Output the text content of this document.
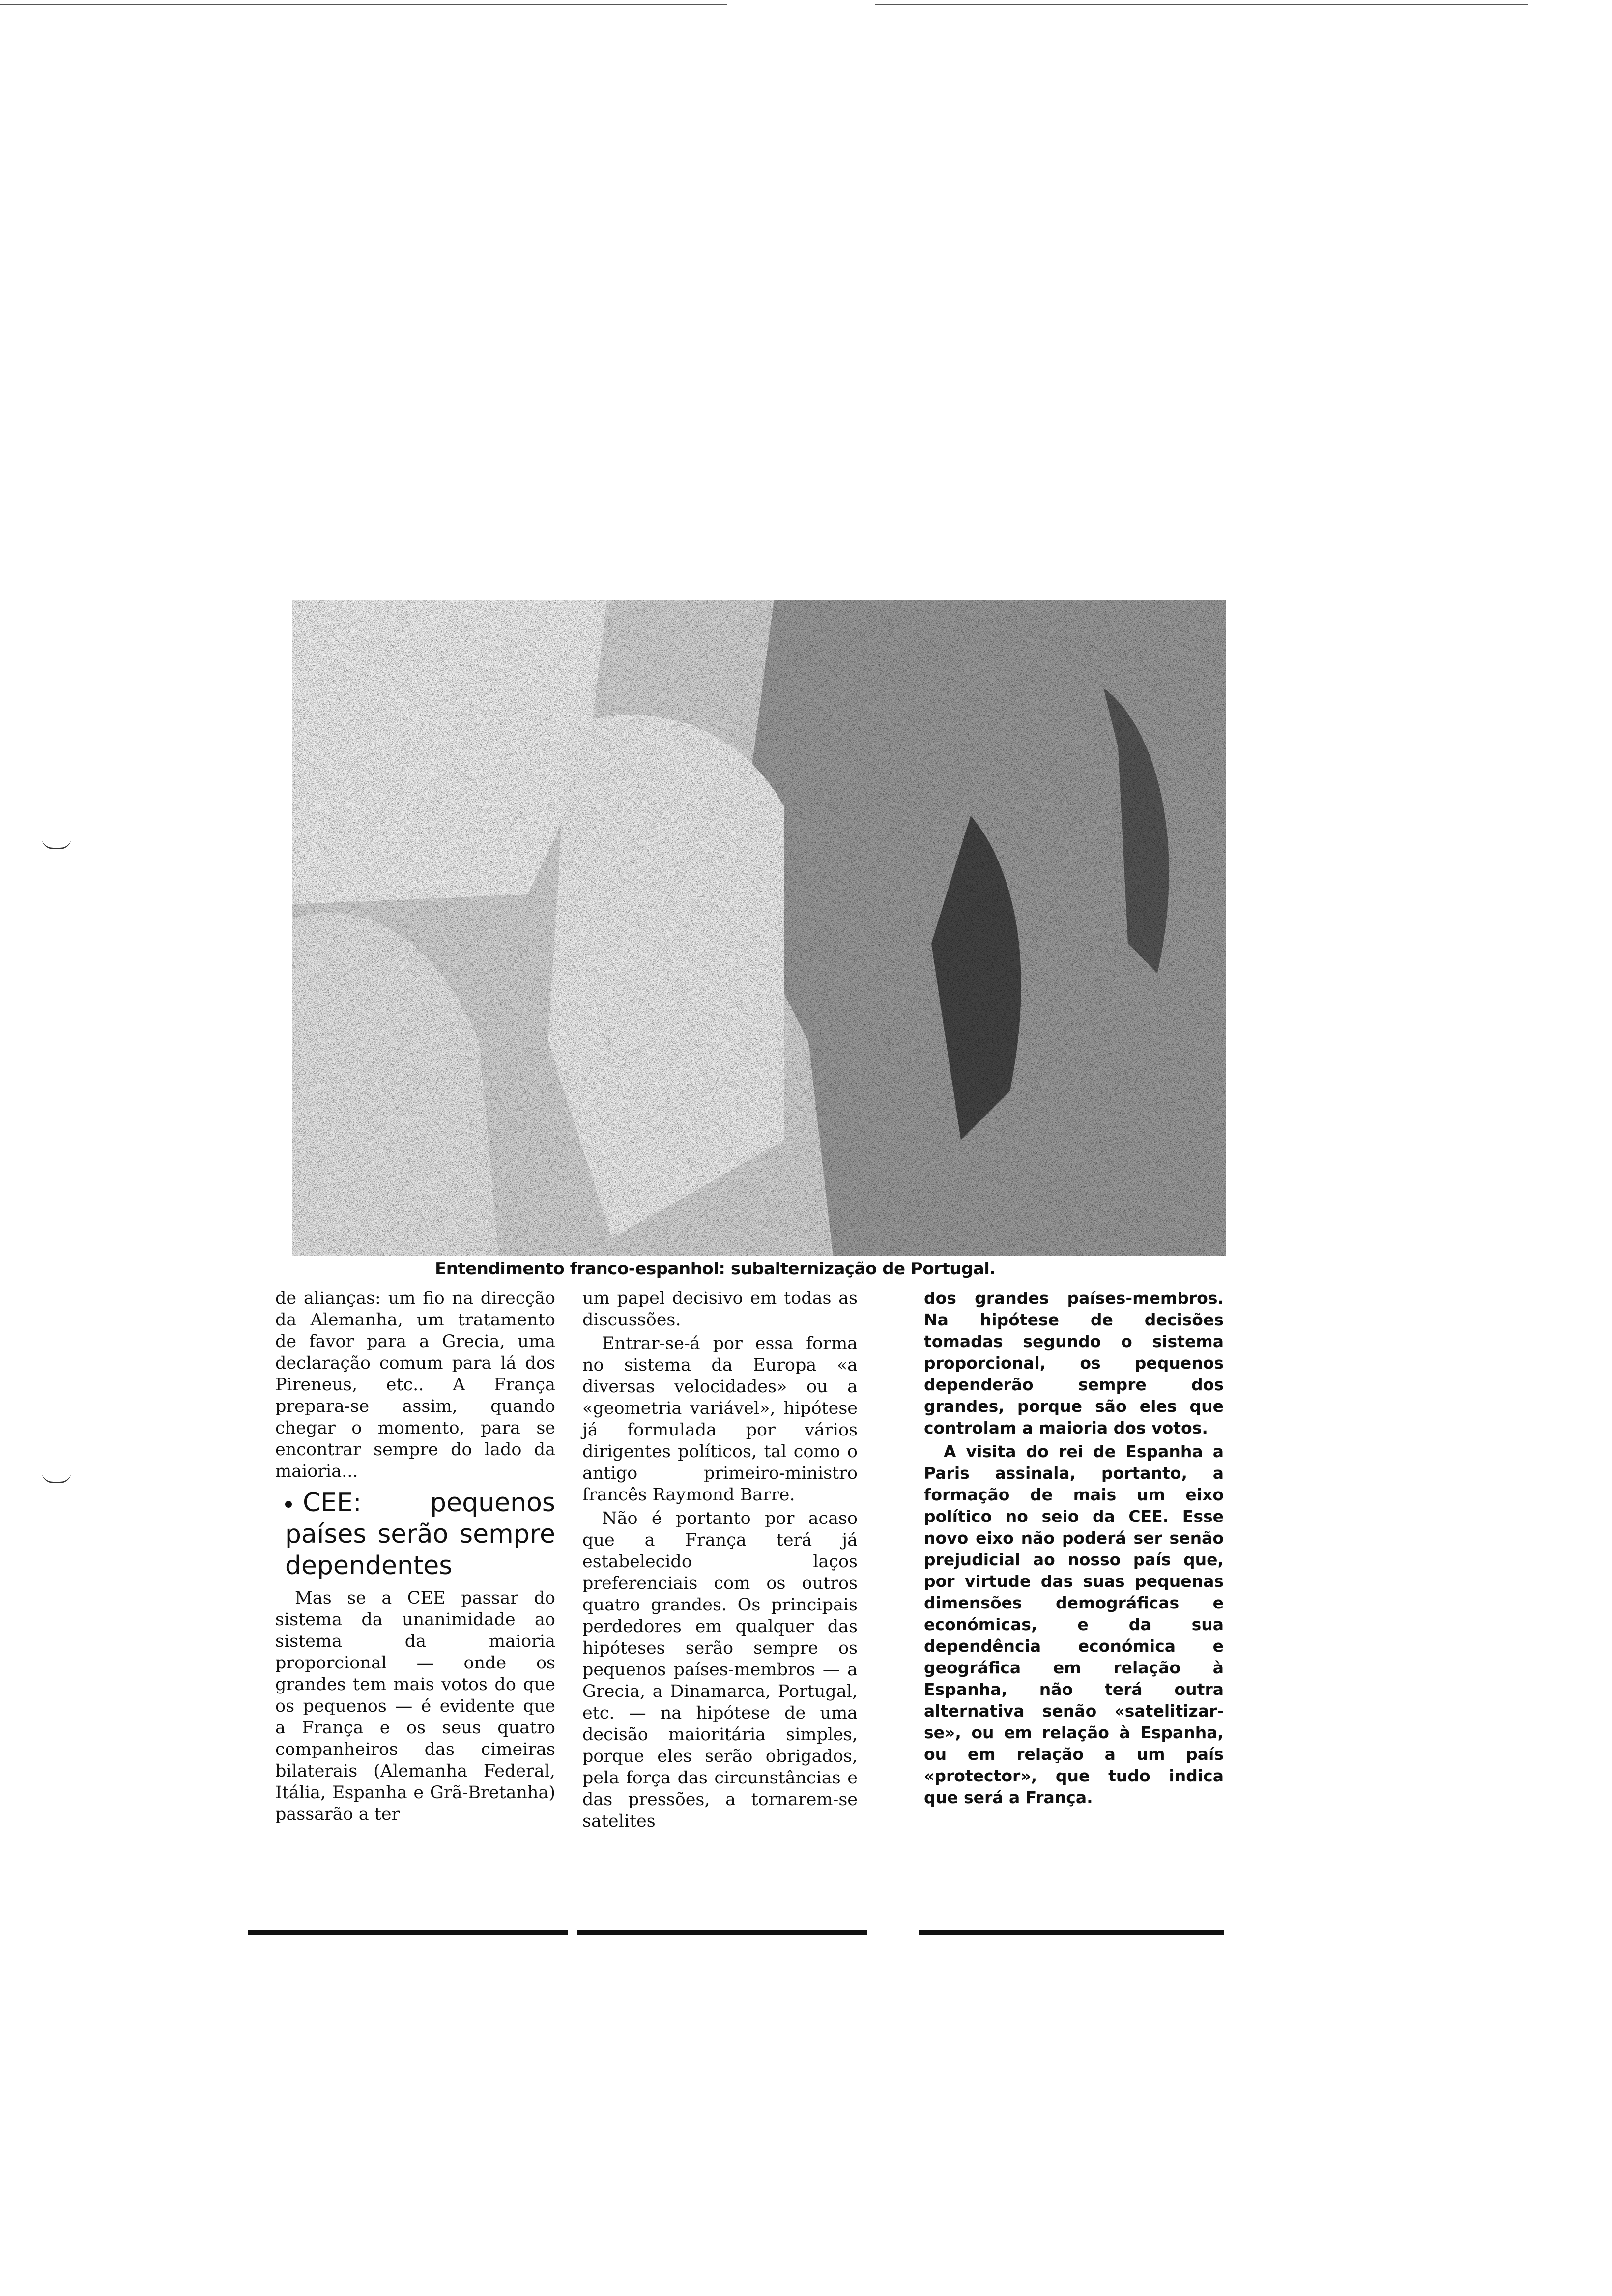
Entendimento franco-espanhol: subalternização de Portugal.

de alianças: um fio na direcção da Alemanha, um tratamento de favor para a Grecia, uma declaração comum para lá dos Pireneus, etc.. A França prepara-se assim, quando chegar o momento, para se encontrar sempre do lado da maioria...

CEE: pequenos países serão sempre dependentes

Mas se a CEE passar do sistema da unanimidade ao sistema da maioria proporcional — onde os grandes tem mais votos do que os pequenos — é evidente que a França e os seus quatro companheiros das cimeiras bilaterais (Alemanha Federal, Itália, Espanha e Grã-Bretanha) passarão a ter

um papel decisivo em todas as discussões.

Entrar-se-á por essa forma no sistema da Europa «a diversas velocidades» ou a «geometria variável», hipótese já formulada por vários dirigentes políticos, tal como o antigo primeiro-ministro francês Raymond Barre.

Não é portanto por acaso que a França terá já estabelecido laços preferenciais com os outros quatro grandes. Os principais perdedores em qualquer das hipóteses serão sempre os pequenos países-membros — a Grecia, a Dinamarca, Portugal, etc. — na hipótese de uma decisão maioritária simples, porque eles serão obrigados, pela força das circunstâncias e das pressões, a tornarem-se satelites

dos grandes países-membros. Na hipótese de decisões tomadas segundo o sistema proporcional, os pequenos dependerão sempre dos grandes, porque são eles que controlam a maioria dos votos.

A visita do rei de Espanha a Paris assinala, portanto, a formação de mais um eixo político no seio da CEE. Esse novo eixo não poderá ser senão prejudicial ao nosso país que, por virtude das suas pequenas dimensões demográficas e económicas, e da sua dependência económica e geográfica em relação à Espanha, não terá outra alternativa senão «satelitizar-se», ou em relação à Espanha, ou em relação a um país «protector», que tudo indica que será a França.
